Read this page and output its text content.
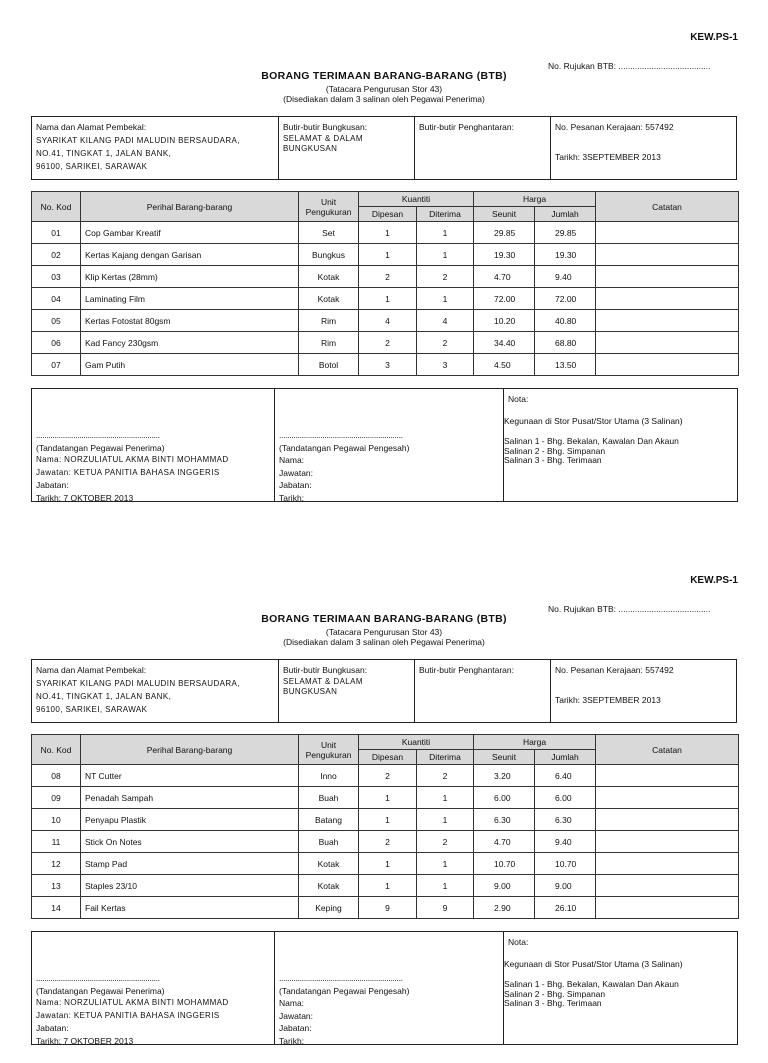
KEW.PS-1
No. Rujukan BTB: .......................................
BORANG TERIMAAN BARANG-BARANG (BTB)
(Tatacara Pengurusan Stor 43)
(Disediakan dalam 3 salinan oleh Pegawai Penerima)
Nama dan Alamat Pembekal:
SYARIKAT KILANG PADI MALUDIN BERSAUDARA,
NO.41, TINGKAT 1, JALAN BANK,
96100, SARIKEI, SARAWAK
Butir-butir Bungkusan:
SELAMAT & DALAM
BUNGKUSAN
Butir-butir Penghantaran:	No. Pesanan Kerajaan: 557492
Tarikh: 3SEPTEMBER 2013
No. Kod	Perihal Barang-barang	Unit
Pengukuran	Kuantiti		Harga		Catatan
			Dipesan	Diterima	Seunit	Jumlah	
01	Cop Gambar Kreatif	Set	1	1	29.85	29.85	
02	Kertas Kajang dengan Garisan	Bungkus	1	1	19.30	19.30	
03	Klip Kertas (28mm)	Kotak	2	2	4.70	9.40	
04	Laminating Film	Kotak	1	1	72.00	72.00	
05	Kertas Fotostat 80gsm	Rim	4	4	10.20	40.80	
06	Kad Fancy 230gsm	Rim	2	2	34.40	68.80	
07	Gam Putih	Botol	3	3	4.50	13.50	
............................................................
(Tandatangan Pegawai Penerima)
Nama: NORZULIATUL AKMA BINTI MOHAMMAD
Jawatan: KETUA PANITIA BAHASA INGGERIS
Jabatan:
Tarikh: 7 OKTOBER 2013
............................................................
(Tandatangan Pegawai Pengesah)
Nama:
Jawatan:
Jabatan:
Tarikh:
Nota:
Kegunaan di Stor Pusat/Stor Utama (3 Salinan)
Salinan 1 - Bhg. Bekalan, Kawalan Dan Akaun
Salinan 2 - Bhg. Simpanan
Salinan 3 - Bhg. Terimaan
KEW.PS-1
No. Rujukan BTB: .......................................
BORANG TERIMAAN BARANG-BARANG (BTB)
(Tatacara Pengurusan Stor 43)
(Disediakan dalam 3 salinan oleh Pegawai Penerima)
Nama dan Alamat Pembekal:
SYARIKAT KILANG PADI MALUDIN BERSAUDARA,
NO.41, TINGKAT 1, JALAN BANK,
96100, SARIKEI, SARAWAK
Butir-butir Bungkusan:
SELAMAT & DALAM
BUNGKUSAN
Butir-butir Penghantaran:	No. Pesanan Kerajaan: 557492
Tarikh: 3SEPTEMBER 2013
No. Kod	Perihal Barang-barang	Unit
Pengukuran	Kuantiti		Harga		Catatan
			Dipesan	Diterima	Seunit	Jumlah	
08	NT Cutter	Inno	2	2	3.20	6.40	
09	Penadah Sampah	Buah	1	1	6.00	6.00	
10	Penyapu Plastik	Batang	1	1	6.30	6.30	
11	Stick On Notes	Buah	2	2	4.70	9.40	
12	Stamp Pad	Kotak	1	1	10.70	10.70	
13	Staples 23/10	Kotak	1	1	9.00	9.00	
14	Fail Kertas	Keping	9	9	2.90	26.10	
............................................................
(Tandatangan Pegawai Penerima)
Nama: NORZULIATUL AKMA BINTI MOHAMMAD
Jawatan: KETUA PANITIA BAHASA INGGERIS
Jabatan:
Tarikh: 7 OKTOBER 2013
............................................................
(Tandatangan Pegawai Pengesah)
Nama:
Jawatan:
Jabatan:
Tarikh:
Nota:
Kegunaan di Stor Pusat/Stor Utama (3 Salinan)
Salinan 1 - Bhg. Bekalan, Kawalan Dan Akaun
Salinan 2 - Bhg. Simpanan
Salinan 3 - Bhg. Terimaan
